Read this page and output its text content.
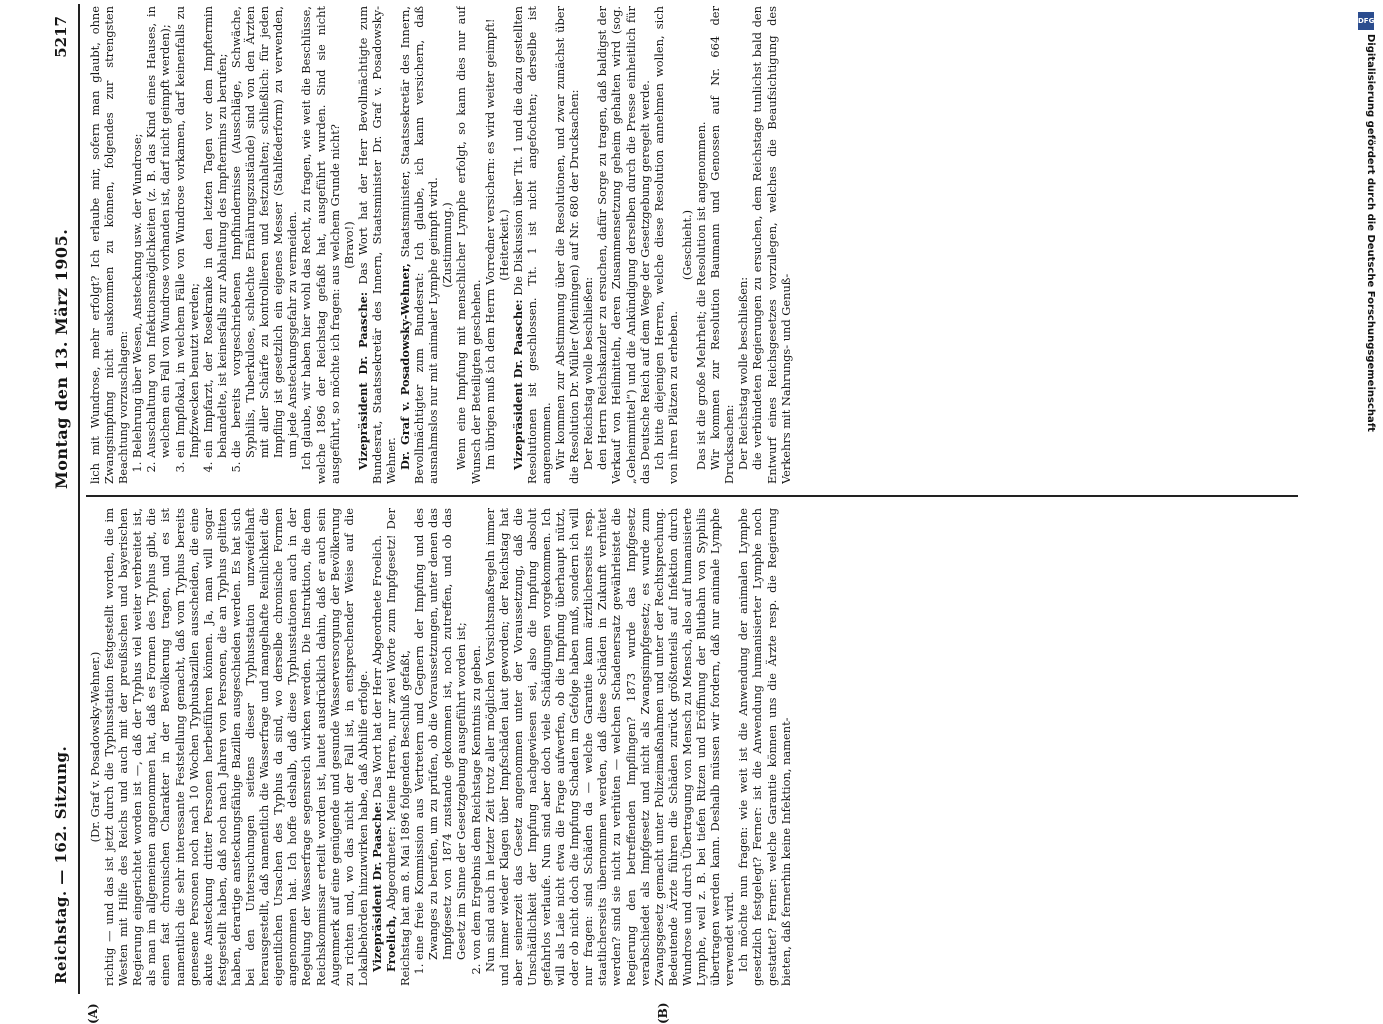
Reichstag. — 162. Sitzung.
Montag den 13. März 1905.
5217
(A)	(B)

(Dr. Graf v. Posadowsky-Wehner.) richtig — und das ist jetzt durch die Typhusstation festgestellt worden, die im Westen mit Hilfe des Reichs und auch mit der preußischen und bayerischen Regierung eingerichtet worden ist —, daß der Typhus viel weiter verbreitet ist, als man im allgemeinen angenommen hat, daß es Formen des Typhus gibt, die einen fast chronischen Charakter in der Bevölkerung tragen, und es ist namentlich die sehr interessante Feststellung gemacht, daß vom Typhus bereits genesene Personen noch nach 10 Wochen Typhusbazillen ausscheiden, die eine akute Ansteckung dritter Personen herbeiführen können. Ja, man will sogar festgestellt haben, daß noch nach Jahren von Personen, die an Typhus gelitten haben, derartige ansteckungsfähige Bazillen ausgeschieden werden. Es hat sich bei den Untersuchungen seitens dieser Typhusstation unzweifelhaft herausgestellt, daß namentlich die Wasserfrage und mangelhafte Reinlichkeit die eigentlichen Ursachen des Typhus da sind, wo derselbe chronische Formen angenommen hat. Ich hoffe deshalb, daß diese Typhusstationen auch in der Regelung der Wasserfrage segensreich wirken werden. Die Instruktion, die dem Reichskommissar erteilt worden ist, lautet ausdrücklich dahin, daß er auch sein Augenmerk auf eine genügende und gesunde Wasserversorgung der Bevölkerung zu richten und, wo das nicht der Fall ist, in entsprechender Weise auf die Lokalbehörden hinzuwirken habe, daß Abhilfe erfolge. Vizepräsident Dr. Paasche: Das Wort hat der Herr Abgeordnete Froelich.

Froelich, Abgeordneter: Meine Herren, nur zwei Worte zum Impfgesetz! Der Reichstag hat am 8. Mai 1896 folgenden Beschluß gefaßt, 1. eine freie Kommission aus Vertretern und Gegnern der Impfung und des Zwanges zu berufen, um zu prüfen, ob die Voraussetzungen, unter denen das Impfgesetz von 1874 zustande gekommen ist, noch zutreffen, und ob das Gesetz im Sinne der Gesetzgebung ausgeführt worden ist; 2. von dem Ergebnis dem Reichstage Kenntnis zu geben. Nun sind auch in letzter Zeit trotz aller möglichen Vorsichtsmaßregeln immer und immer wieder Klagen über Impfschäden laut geworden; der Reichstag hat aber seinerzeit das Gesetz angenommen unter der Voraussetzung, daß die Unschädlichkeit der Impfung nachgewiesen sei, also die Impfung absolut gefahrlos verlaufe. Nun sind aber doch viele Schädigungen vorgekommen. Ich will als Laie nicht etwa die Frage aufwerfen, ob die Impfung überhaupt nützt, oder ob nicht doch die Impfung Schaden im Gefolge haben muß, sondern ich will nur fragen: sind Schäden da — welche Garantie kann ärztlicherseits resp. staatlicherseits übernommen werden, daß diese Schäden in Zukunft verhütet werden? sind sie nicht zu verhüten — welchen Schadenersatz gewährleistet die Regierung den betreffenden Impflingen? 1873 wurde das Impfgesetz verabschiedet als Impfgesetz und nicht als Zwangsimpfgesetz; es wurde zum Zwangsgesetz gemacht unter Polizeimaßnahmen und unter der Rechtsprechung. Bedeutende Ärzte führen die Schäden zurück größtenteils auf Infektion durch Wundrose und durch Übertragung von Mensch zu Mensch, also auf humanisierte Lymphe, weil z. B. bei tiefen Ritzen und Eröffnung der Blutbahn von Syphilis übertragen werden kann. Deshalb müssen wir fordern, daß nur animale Lymphe verwendet wird. Ich möchte nun fragen: wie weit ist die Anwendung der animalen Lymphe gesetzlich festgelegt? Ferner: ist die Anwendung humanisierter Lymphe noch gestattet? Ferner: welche Garantie können uns die Ärzte resp. die Regierung bieten, daß fernerhin keine Infektion, nament-

lich mit Wundrose, mehr erfolgt? Ich erlaube mir, sofern man glaubt, ohne Zwangsimpfung nicht auskommen zu können, folgendes zur strengsten Beachtung vorzuschlagen: 1. Belehrung über Wesen, Ansteckung usw. der Wundrose; 2. Ausschaltung von Infektionsmöglichkeiten (z. B. das Kind eines Hauses, in welchem ein Fall von Wundrose vorhanden ist, darf nicht geimpft werden); 3. ein Impflokal, in welchem Fälle von Wundrose vorkamen, darf keinenfalls zu Impfzwecken benutzt werden; 4. ein Impfarzt, der Rosekranke in den letzten Tagen vor dem Impftermin behandelte, ist keinesfalls zur Abhaltung des Impftermins zu berufen; 5. die bereits vorgeschriebenen Impfhindernisse (Ausschläge, Schwäche, Syphilis, Tuberkulose, schlechte Ernährungszustände) sind von den Ärzten mit aller Schärfe zu kontrollieren und festzuhalten; schließlich: für jeden Impfling ist gesetzlich ein eigenes Messer (Stahlfederform) zu verwenden, um jede Ansteckungsgefahr zu vermeiden. Ich glaube, wir haben hier wohl das Recht, zu fragen, wie weit die Beschlüsse, welche 1896 der Reichstag gefaßt hat, ausgeführt wurden. Sind sie nicht ausgeführt, so möchte ich fragen: aus welchem Grunde nicht? (Bravo!)

Vizepräsident Dr. Paasche: Das Wort hat der Herr Bevollmächtigte zum Bundesrat, Staatssekretär des Innern, Staatsminister Dr. Graf v. Posadowsky-Wehner. Dr. Graf v. Posadowsky-Wehner, Staatsminister, Staatssekretär des Innern, Bevollmächtigter zum Bundesrat: Ich glaube, ich kann versichern, daß ausnahmslos nur mit animaler Lymphe geimpft wird. (Zustimmung.) Wenn eine Impfung mit menschlicher Lymphe erfolgt, so kann dies nur auf Wunsch der Beteiligten geschehen. Im übrigen muß ich dem Herrn Vorredner versichern: es wird weiter geimpft! (Heiterkeit.)

Vizepräsident Dr. Paasche: Die Diskussion über Tit. 1 und die dazu gestellten Resolutionen ist geschlossen. Tit. 1 ist nicht angefochten; derselbe ist angenommen. Wir kommen zur Abstimmung über die Resolutionen, und zwar zunächst über die Resolution Dr. Müller (Meiningen) auf Nr. 680 der Drucksachen: Der Reichstag wolle beschließen: den Herrn Reichskanzler zu ersuchen, dafür Sorge zu tragen, daß baldigst der Verkauf von Heilmitteln, deren Zusammensetzung geheim gehalten wird (sog. „Geheimmittel“) und die Ankündigung derselben durch die Presse einheitlich für das Deutsche Reich auf dem Wege der Gesetzgebung geregelt werde. Ich bitte diejenigen Herren, welche diese Resolution annehmen wollen, sich von ihren Plätzen zu erheben.

(Geschieht.) Das ist die große Mehrheit; die Resolution ist angenommen. Wir kommen zur Resolution Baumann und Genossen auf Nr. 664 der Drucksachen: Der Reichstag wolle beschließen: die verbündeten Regierungen zu ersuchen, dem Reichstage tunlichst bald den Entwurf eines Reichsgesetzes vorzulegen, welches die Beaufsichtigung des Verkehrs mit Nahrungs- und Genuß-

DFG
Digitalisierung gefördert durch die Deutsche Forschungsgemeinschaft
